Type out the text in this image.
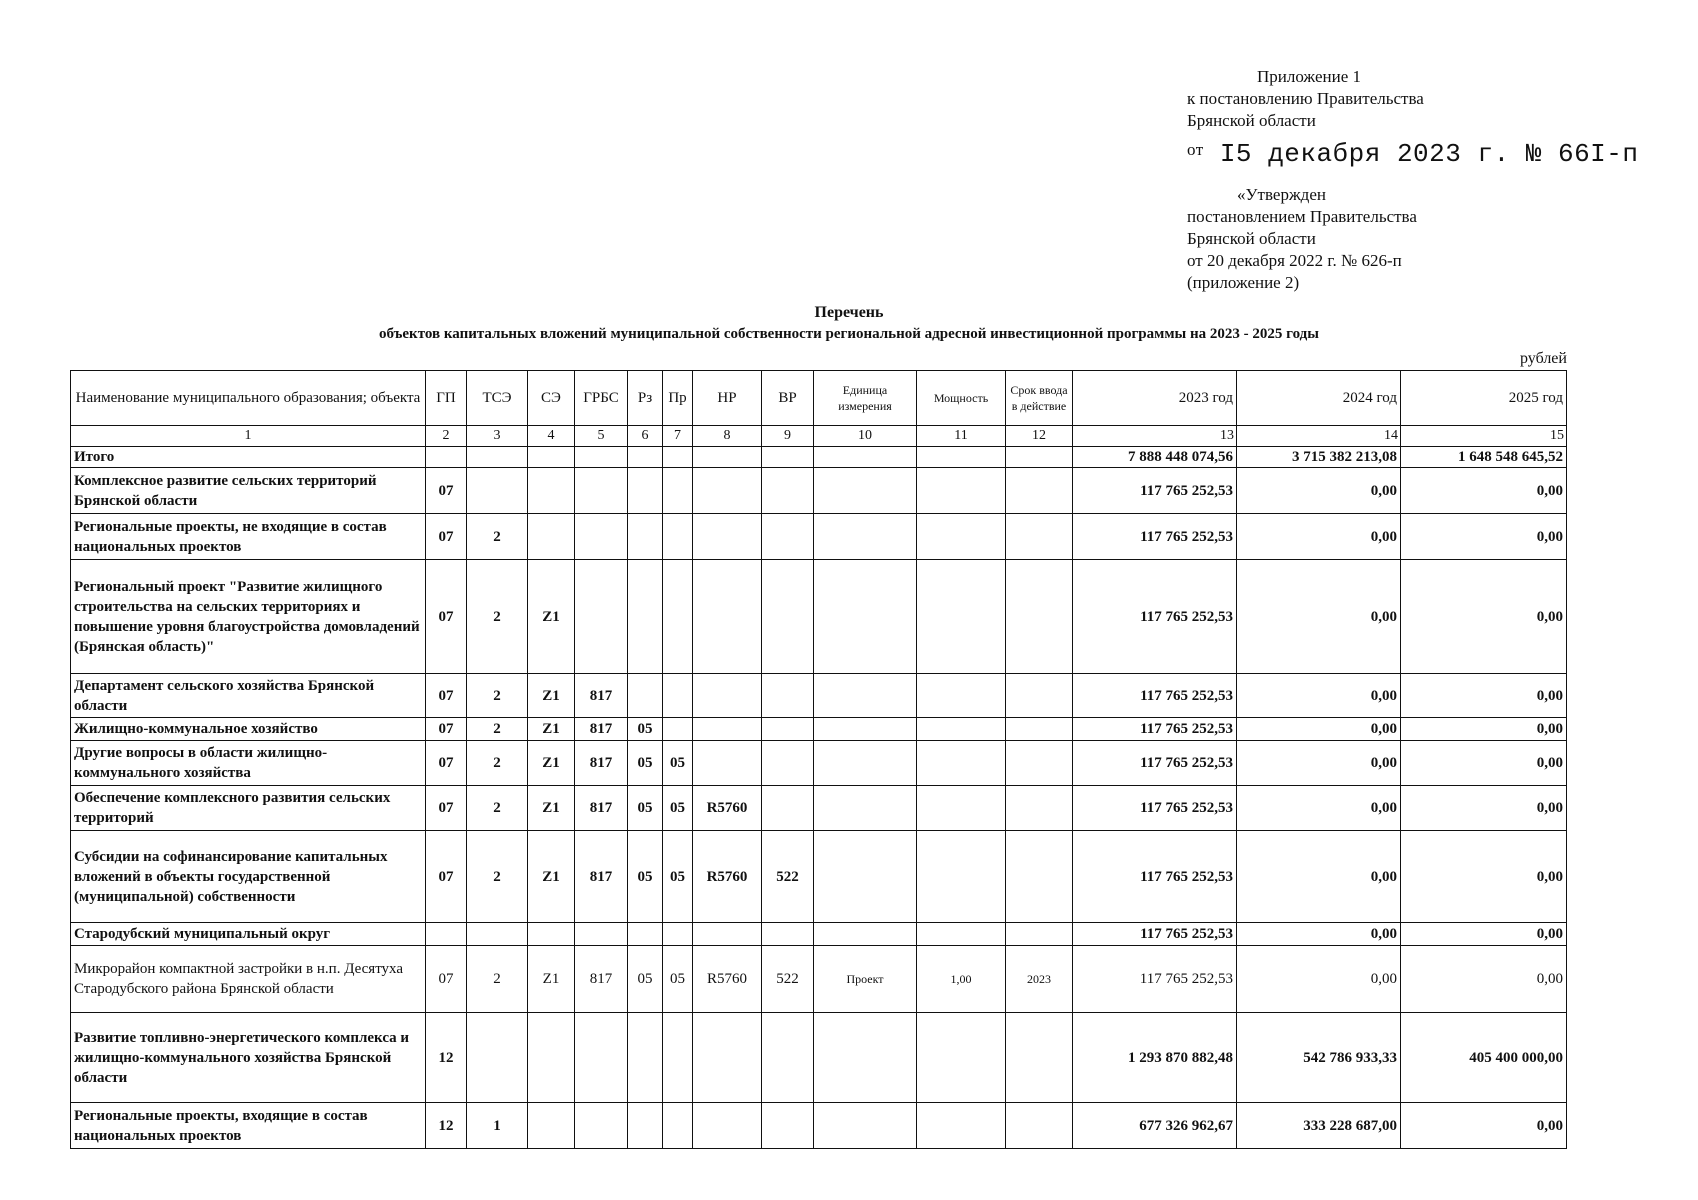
Приложение 1
к постановлению Правительства
Брянской области
$^{от}$ I5 декабря 2023 г. № 66I-п
«Утвержден
постановлением Правительства
Брянской области
от 20 декабря 2022 г. № 626-п
(приложение 2)
Перечень
объектов капитальных вложений муниципальной собственности региональной адресной инвестиционной программы на 2023 - 2025 годы
рублей
Наименование муниципального образования; объекта	ГП	ТСЭ	СЭ	ГРБС	Рз	Пр	НР	ВР	Единица измерения	Мощность	Срок ввода в действие	2023 год	2024 год	2025 год
1	2	3	4	5	6	7	8	9	10	11	12	13	14	15
Итого												7 888 448 074,56	3 715 382 213,08	1 648 548 645,52
Комплексное развитие сельских территорий Брянской области	07											117 765 252,53	0,00	0,00
Региональные проекты, не входящие в состав национальных проектов	07	2										117 765 252,53	0,00	0,00
Региональный проект "Развитие жилищного строительства на сельских территориях и повышение уровня благоустройства домовладений (Брянская область)"	07	2	Z1									117 765 252,53	0,00	0,00
Департамент сельского хозяйства Брянской области	07	2	Z1	817								117 765 252,53	0,00	0,00
Жилищно-коммунальное хозяйство	07	2	Z1	817	05							117 765 252,53	0,00	0,00
Другие вопросы в области жилищно-коммунального хозяйства	07	2	Z1	817	05	05						117 765 252,53	0,00	0,00
Обеспечение комплексного развития сельских территорий	07	2	Z1	817	05	05	R5760					117 765 252,53	0,00	0,00
Субсидии на софинансирование капитальных вложений в объекты государственной (муниципальной) собственности	07	2	Z1	817	05	05	R5760	522				117 765 252,53	0,00	0,00
Стародубский муниципальный округ												117 765 252,53	0,00	0,00
Микрорайон компактной застройки в н.п. Десятуха Стародубского района Брянской области	07	2	Z1	817	05	05	R5760	522	Проект	1,00	2023	117 765 252,53	0,00	0,00
Развитие топливно-энергетического комплекса и жилищно-коммунального хозяйства Брянской области	12											1 293 870 882,48	542 786 933,33	405 400 000,00
Региональные проекты, входящие в состав национальных проектов	12	1										677 326 962,67	333 228 687,00	0,00
